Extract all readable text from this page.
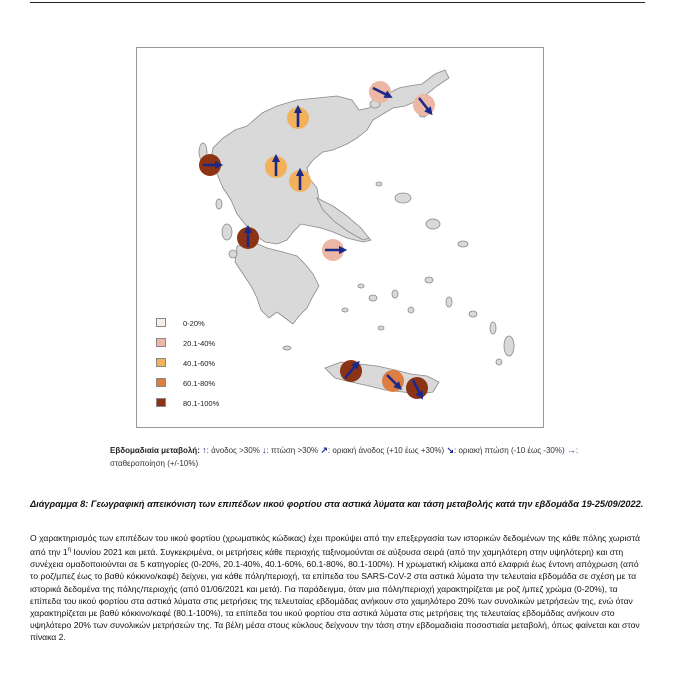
0-20%
20.1-40%
40.1-60%
60.1-80%
80.1-100%
Εβδομαδιαία μεταβολή: ↑: άνοδος >30% ↓: πτώση >30% ↗: οριακή άνοδος (+10 έως +30%) ↘: οριακή πτώση (-10 έως -30%) →: σταθεροποίηση (+/-10%)
Διάγραμμα 8: Γεωγραφική απεικόνιση των επιπέδων ιικού φορτίου στα αστικά λύματα και τάση μεταβολής κατά την εβδομάδα 19-25/09/2022.
Ο χαρακτηρισμός των επιπέδων του ιικού φορτίου (χρωματικός κώδικας) έχει προκύψει από την επεξεργασία των ιστορικών δεδομένων της κάθε πόλης χωριστά από την $1^\eta$ Ιουνίου 2021 και μετά. Συγκεκριμένα, οι μετρήσεις κάθε περιοχής ταξινομούνται σε αύξουσα σειρά (από την χαμηλότερη στην υψηλότερη) και στη συνέχεια ομαδοποιούνται σε 5 κατηγορίες (0-20%, 20.1-40%, 40.1-60%, 60.1-80%, 80.1-100%). Η χρωματική κλίμακα από ελαφριά έως έντονη απόχρωση (από το ροζ/μπεζ έως το βαθύ κόκκινο/καφέ) δείχνει, για κάθε πόλη/περιοχή, τα επίπεδα του SARS-CoV-2 στα αστικά λύματα την τελευταία εβδομάδα σε σχέση με τα ιστορικά δεδομένα της πόλης/περιοχής (από 01/06/2021 και μετά). Για παράδειγμα, όταν μια πόλη/περιοχή χαρακτηρίζεται με ροζ /μπεζ χρώμα (0-20%), τα επίπεδα του ιικού φορτίου στα αστικά λύματα στις μετρήσεις της τελευταίας εβδομάδας ανήκουν στο χαμηλότερο 20% των συνολικών μετρήσεών της, ενώ όταν χαρακτηρίζεται με βαθύ κόκκινο/καφέ (80.1-100%), τα επίπεδα του ιικού φορτίου στα αστικά λύματα στις μετρήσεις της τελευταίας εβδομάδας ανήκουν στο υψηλότερο 20% των συνολικών μετρήσεών της. Τα βέλη μέσα στους κύκλους δείχνουν την τάση στην εβδομαδιαία ποσοστιαία μεταβολή, όπως φαίνεται και στον πίνακα 2.
